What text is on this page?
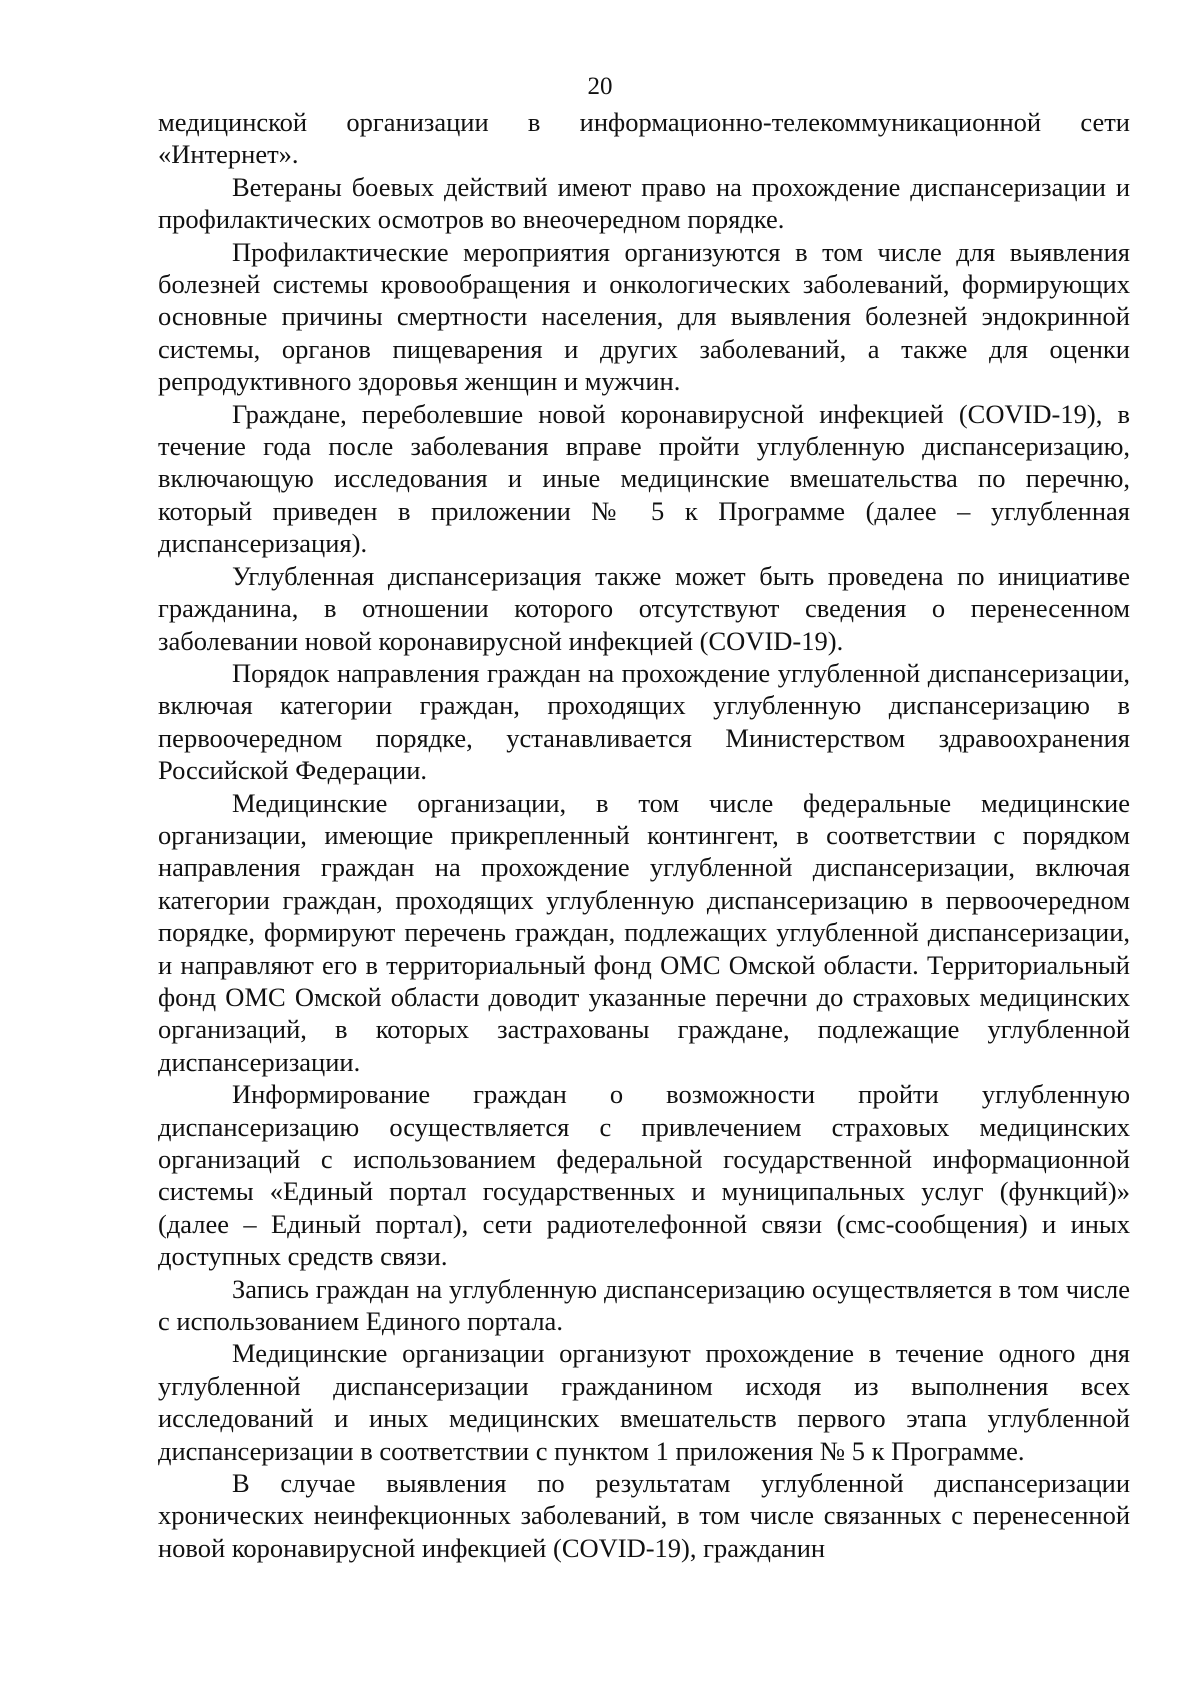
20

медицинской организации в информационно-телекоммуникационной сети «Интернет».

Ветераны боевых действий имеют право на прохождение диспансеризации и профилактических осмотров во внеочередном порядке.

Профилактические мероприятия организуются в том числе для выявления болезней системы кровообращения и онкологических заболеваний, формирующих основные причины смертности населения, для выявления болезней эндокринной системы, органов пищеварения и других заболеваний, а также для оценки репродуктивного здоровья женщин и мужчин.

Граждане, переболевшие новой коронавирусной инфекцией (COVID-19), в течение года после заболевания вправе пройти углубленную диспансеризацию, включающую исследования и иные медицинские вмешательства по перечню, который приведен в приложении № 5 к Программе (далее – углубленная диспансеризация).

Углубленная диспансеризация также может быть проведена по инициативе гражданина, в отношении которого отсутствуют сведения о перенесенном заболевании новой коронавирусной инфекцией (COVID-19).

Порядок направления граждан на прохождение углубленной диспансеризации, включая категории граждан, проходящих углубленную диспансеризацию в первоочередном порядке, устанавливается Министерством здравоохранения Российской Федерации.

Медицинские организации, в том числе федеральные медицинские организации, имеющие прикрепленный контингент, в соответствии с порядком направления граждан на прохождение углубленной диспансеризации, включая категории граждан, проходящих углубленную диспансеризацию в первоочередном порядке, формируют перечень граждан, подлежащих углубленной диспансеризации, и направляют его в территориальный фонд ОМС Омской области. Территориальный фонд ОМС Омской области доводит указанные перечни до страховых медицинских организаций, в которых застрахованы граждане, подлежащие углубленной диспансеризации.

Информирование граждан о возможности пройти углубленную диспансеризацию осуществляется с привлечением страховых медицинских организаций с использованием федеральной государственной информационной системы «Единый портал государственных и муниципальных услуг (функций)» (далее – Единый портал), сети радиотелефонной связи (смс-сообщения) и иных доступных средств связи.

Запись граждан на углубленную диспансеризацию осуществляется в том числе с использованием Единого портала.

Медицинские организации организуют прохождение в течение одного дня углубленной диспансеризации гражданином исходя из выполнения всех исследований и иных медицинских вмешательств первого этапа углубленной диспансеризации в соответствии с пунктом 1 приложения № 5 к Программе.

В случае выявления по результатам углубленной диспансеризации хронических неинфекционных заболеваний, в том числе связанных с перенесенной новой коронавирусной инфекцией (COVID-19), гражданин
